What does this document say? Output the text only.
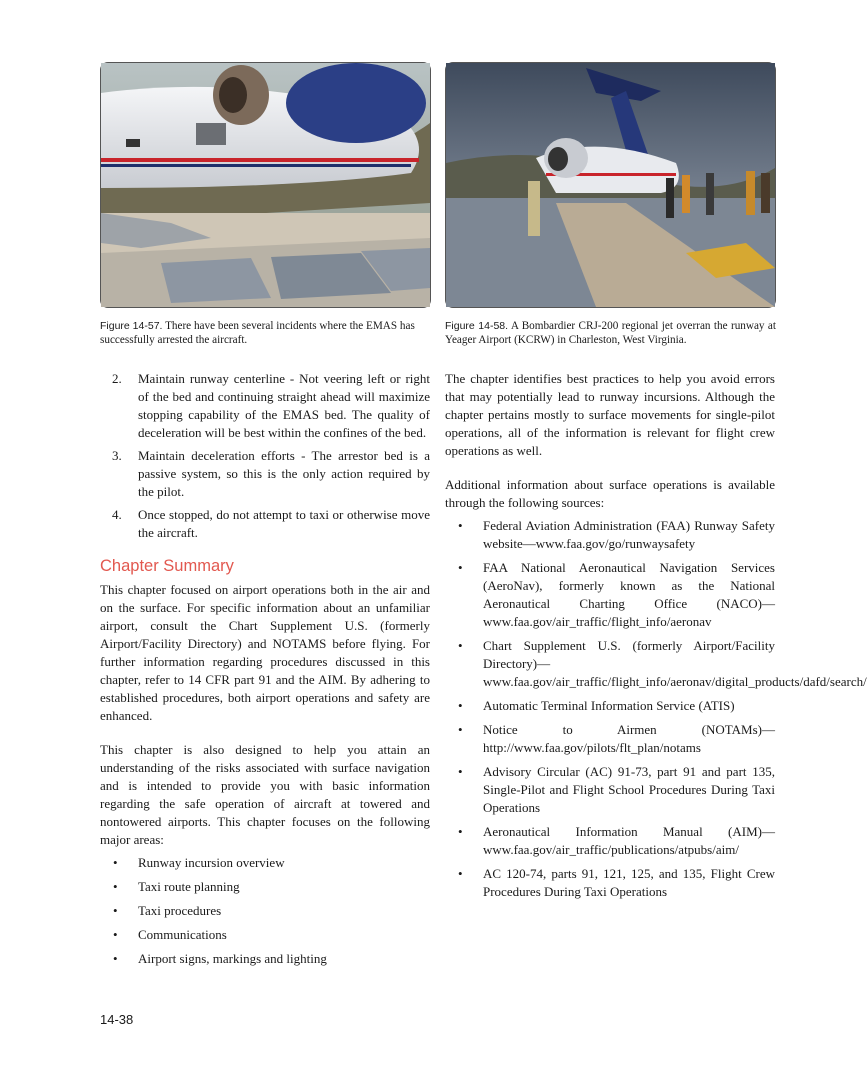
Figure 14-57. There have been several incidents where the EMAS has successfully arrested the aircraft.
Figure 14-58. A Bombardier CRJ-200 regional jet overran the runway at Yeager Airport (KCRW) in Charleston, West Virginia.
2. Maintain runway centerline - Not veering left or right of the bed and continuing straight ahead will maximize stopping capability of the EMAS bed. The quality of deceleration will be best within the confines of the bed.
3. Maintain deceleration efforts - The arrestor bed is a passive system, so this is the only action required by the pilot.
4. Once stopped, do not attempt to taxi or otherwise move the aircraft.
Chapter Summary

This chapter focused on airport operations both in the air and on the surface. For specific information about an unfamiliar airport, consult the Chart Supplement U.S. (formerly Airport/Facility Directory) and NOTAMS before flying. For further information regarding procedures discussed in this chapter, refer to 14 CFR part 91 and the AIM. By adhering to established procedures, both airport operations and safety are enhanced.

This chapter is also designed to help you attain an understanding of the risks associated with surface navigation and is intended to provide you with basic information regarding the safe operation of aircraft at towered and nontowered airports. This chapter focuses on the following major areas:

• Runway incursion overview
• Taxi route planning
• Taxi procedures
• Communications
• Airport signs, markings and lighting

The chapter identifies best practices to help you avoid errors that may potentially lead to runway incursions. Although the chapter pertains mostly to surface movements for single-pilot operations, all of the information is relevant for flight crew operations as well.

Additional information about surface operations is available through the following sources:

• Federal Aviation Administration (FAA) Runway Safety website—www.faa.gov/go/runwaysafety
• FAA National Aeronautical Navigation Services (AeroNav), formerly known as the National Aeronautical Charting Office (NACO)—www.faa.gov/air_traffic/flight_info/aeronav
• Chart Supplement U.S. (formerly Airport/Facility Directory)—www.faa.gov/air_traffic/flight_info/aeronav/digital_products/dafd/search/
• Automatic Terminal Information Service (ATIS)
• Notice to Airmen (NOTAMs)—http://www.faa.gov/pilots/flt_plan/notams
• Advisory Circular (AC) 91-73, part 91 and part 135, Single-Pilot and Flight School Procedures During Taxi Operations
• Aeronautical Information Manual (AIM)—www.faa.gov/air_traffic/publications/atpubs/aim/
• AC 120-74, parts 91, 121, 125, and 135, Flight Crew Procedures During Taxi Operations
14-38
